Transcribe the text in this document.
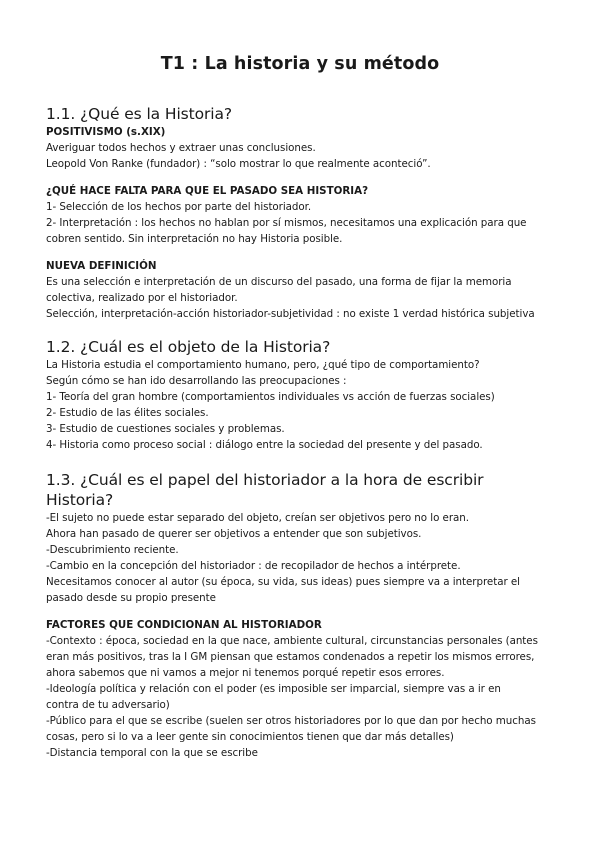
T1 : La historia y su método
1.1. ¿Qué es la Historia?
POSITIVISMO (s.XIX)

Averiguar todos hechos y extraer unas conclusiones.

Leopold Von Ranke (fundador) : “solo mostrar lo que realmente aconteció”.

¿QUÉ HACE FALTA PARA QUE EL PASADO SEA HISTORIA?

1- Selección de los hechos por parte del historiador.

2- Interpretación : los hechos no hablan por sí mismos, necesitamos una explicación para que

cobren sentido. Sin interpretación no hay Historia posible.

NUEVA DEFINICIÓN

Es una selección e interpretación de un discurso del pasado, una forma de fijar la memoria

colectiva, realizado por el historiador.

Selección, interpretación-acción historiador-subjetividad : no existe 1 verdad histórica subjetiva

1.2. ¿Cuál es el objeto de la Historia?

La Historia estudia el comportamiento humano, pero, ¿qué tipo de comportamiento?

Según cómo se han ido desarrollando las preocupaciones :

1- Teoría del gran hombre (comportamientos individuales vs acción de fuerzas sociales)

2- Estudio de las élites sociales.

3- Estudio de cuestiones sociales y problemas.

4- Historia como proceso social : diálogo entre la sociedad del presente y del pasado.

1.3. ¿Cuál es el papel del historiador a la hora de escribir Historia?

-El sujeto no puede estar separado del objeto, creían ser objetivos pero no lo eran.

Ahora han pasado de querer ser objetivos a entender que son subjetivos.

-Descubrimiento reciente.

-Cambio en la concepción del historiador : de recopilador de hechos a intérprete.

Necesitamos conocer al autor (su época, su vida, sus ideas) pues siempre va a interpretar el

pasado desde su propio presente

FACTORES QUE CONDICIONAN AL HISTORIADOR

-Contexto : época, sociedad en la que nace, ambiente cultural, circunstancias personales (antes

eran más positivos, tras la I GM piensan que estamos condenados a repetir los mismos errores,

ahora sabemos que ni vamos a mejor ni tenemos porqué repetir esos errores.

-Ideología política y relación con el poder (es imposible ser imparcial, siempre vas a ir en

contra de tu adversario)

-Público para el que se escribe (suelen ser otros historiadores por lo que dan por hecho muchas

cosas, pero si lo va a leer gente sin conocimientos tienen que dar más detalles)

-Distancia temporal con la que se escribe
